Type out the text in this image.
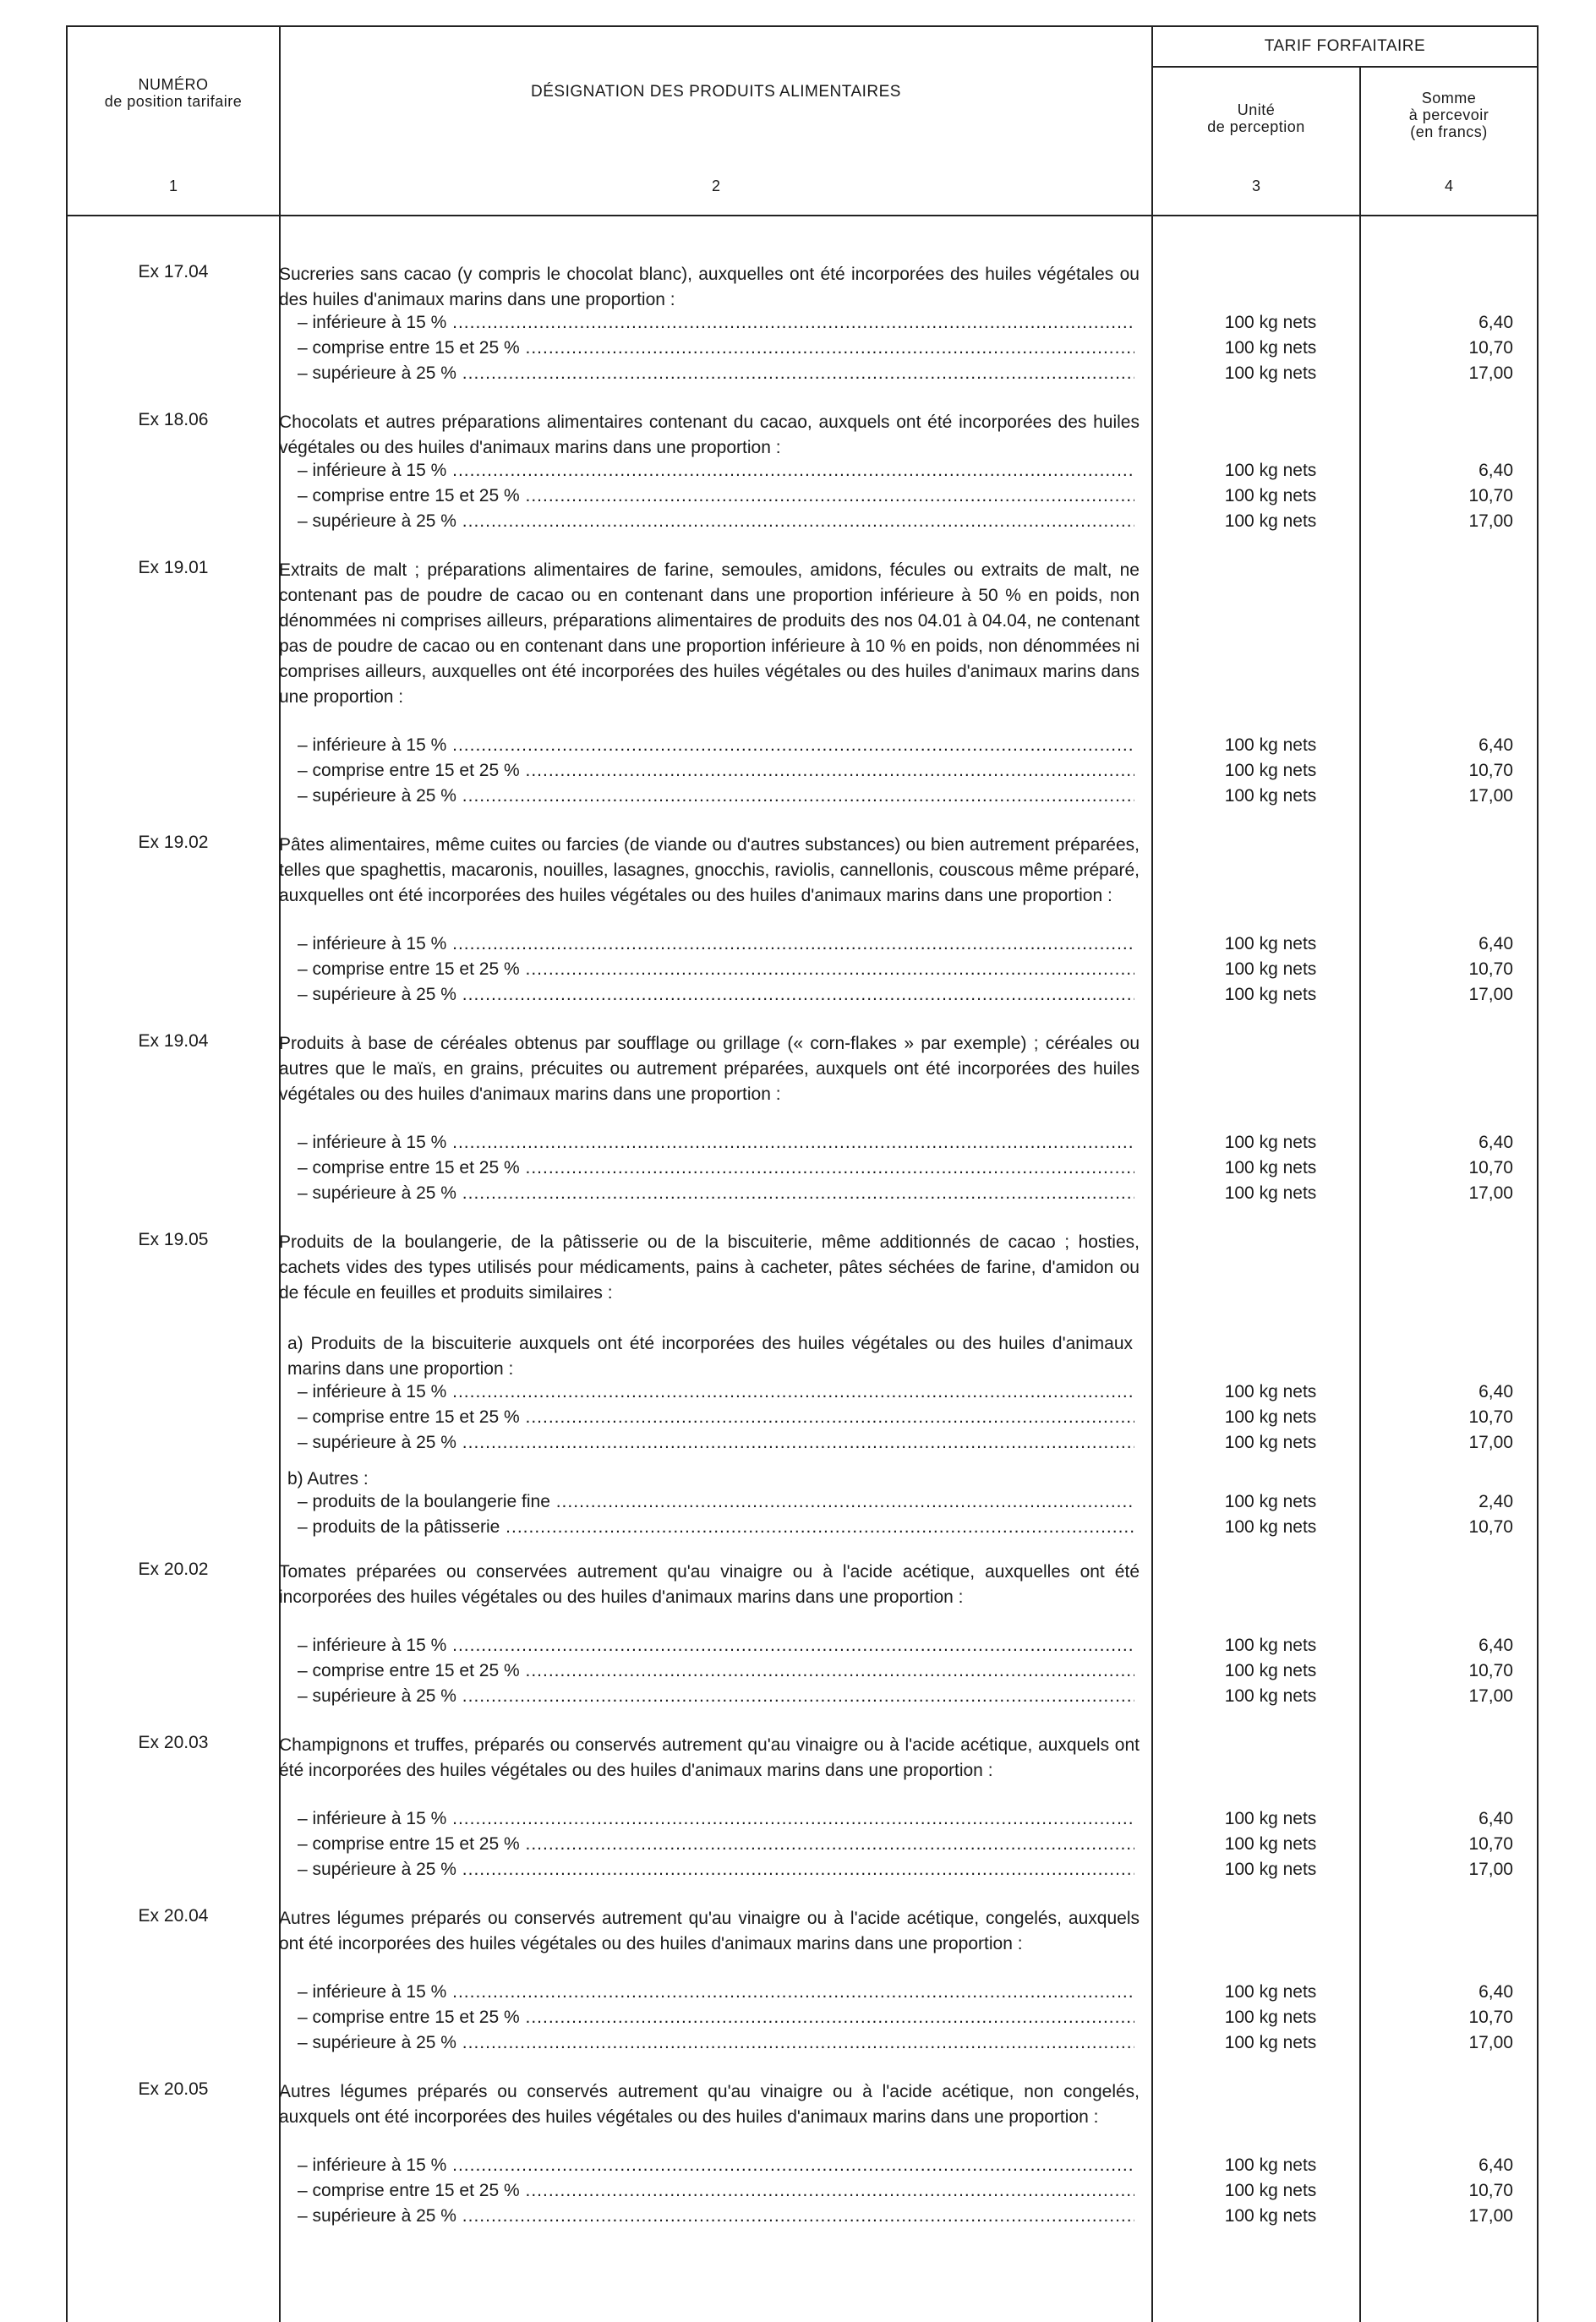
NUMÉRO
de position tarifaire
DÉSIGNATION DES PRODUITS ALIMENTAIRES
TARIF FORFAITAIRE
Unité
de perception
Somme
à percevoir
(en francs)
1	2	3	4
Ex 17.04	Sucreries sans cacao (y compris le chocolat blanc), auxquelles ont été incorporées des huiles végétales ou des huiles d'animaux marins dans une proportion :
– inférieure à 15 % .....	100 kg nets	6,40
– comprise entre 15 et 25 % .....	100 kg nets	10,70
– supérieure à 25 % .....	100 kg nets	17,00
Ex 18.06	Chocolats et autres préparations alimentaires contenant du cacao, auxquels ont été incorporées des huiles végétales ou des huiles d'animaux marins dans une proportion :
– inférieure à 15 % .....	100 kg nets	6,40
– comprise entre 15 et 25 % .....	100 kg nets	10,70
– supérieure à 25 % .....	100 kg nets	17,00
Ex 19.01	Extraits de malt ; préparations alimentaires de farine, semoules, amidons, fécules ou extraits de malt, ne contenant pas de poudre de cacao ou en contenant dans une proportion inférieure à 50 % en poids, non dénommées ni comprises ailleurs, préparations alimentaires de produits des nos 04.01 à 04.04, ne contenant pas de poudre de cacao ou en contenant dans une proportion inférieure à 10 % en poids, non dénommées ni comprises ailleurs, auxquelles ont été incorporées des huiles végétales ou des huiles d'animaux marins dans une proportion :
– inférieure à 15 % .....	100 kg nets	6,40
– comprise entre 15 et 25 % .....	100 kg nets	10,70
– supérieure à 25 % .....	100 kg nets	17,00
Ex 19.02	Pâtes alimentaires, même cuites ou farcies (de viande ou d'autres substances) ou bien autrement préparées, telles que spaghettis, macaronis, nouilles, lasagnes, gnocchis, raviolis, cannellonis, couscous même préparé, auxquelles ont été incorporées des huiles végétales ou des huiles d'animaux marins dans une proportion :
– inférieure à 15 % .....	100 kg nets	6,40
– comprise entre 15 et 25 % .....	100 kg nets	10,70
– supérieure à 25 % .....	100 kg nets	17,00
Ex 19.04	Produits à base de céréales obtenus par soufflage ou grillage (« corn-flakes » par exemple) ; céréales ou autres que le maïs, en grains, précuites ou autrement préparées, auxquels ont été incorporées des huiles végétales ou des huiles d'animaux marins dans une proportion :
– inférieure à 15 % .....	100 kg nets	6,40
– comprise entre 15 et 25 % .....	100 kg nets	10,70
– supérieure à 25 % .....	100 kg nets	17,00
Ex 19.05	Produits de la boulangerie, de la pâtisserie ou de la biscuiterie, même additionnés de cacao ; hosties, cachets vides des types utilisés pour médicaments, pains à cacheter, pâtes séchées de farine, d'amidon ou de fécule en feuilles et produits similaires :
a) Produits de la biscuiterie auxquels ont été incorporées des huiles végétales ou des huiles d'animaux marins dans une proportion :
– inférieure à 15 % .....	100 kg nets	6,40
– comprise entre 15 et 25 % .....	100 kg nets	10,70
– supérieure à 25 % .....	100 kg nets	17,00
b) Autres :
– produits de la boulangerie fine .....	100 kg nets	2,40
– produits de la pâtisserie .....	100 kg nets	10,70
Ex 20.02	Tomates préparées ou conservées autrement qu'au vinaigre ou à l'acide acétique, auxquelles ont été incorporées des huiles végétales ou des huiles d'animaux marins dans une proportion :
– inférieure à 15 % .....	100 kg nets	6,40
– comprise entre 15 et 25 % .....	100 kg nets	10,70
– supérieure à 25 % .....	100 kg nets	17,00
Ex 20.03	Champignons et truffes, préparés ou conservés autrement qu'au vinaigre ou à l'acide acétique, auxquels ont été incorporées des huiles végétales ou des huiles d'animaux marins dans une proportion :
– inférieure à 15 % .....	100 kg nets	6,40
– comprise entre 15 et 25 % .....	100 kg nets	10,70
– supérieure à 25 % .....	100 kg nets	17,00
Ex 20.04	Autres légumes préparés ou conservés autrement qu'au vinaigre ou à l'acide acétique, congelés, auxquels ont été incorporées des huiles végétales ou des huiles d'animaux marins dans une proportion :
– inférieure à 15 % .....	100 kg nets	6,40
– comprise entre 15 et 25 % .....	100 kg nets	10,70
– supérieure à 25 % .....	100 kg nets	17,00
Ex 20.05	Autres légumes préparés ou conservés autrement qu'au vinaigre ou à l'acide acétique, non congelés, auxquels ont été incorporées des huiles végétales ou des huiles d'animaux marins dans une proportion :
– inférieure à 15 % .....	100 kg nets	6,40
– comprise entre 15 et 25 % .....	100 kg nets	10,70
– supérieure à 25 % .....	100 kg nets	17,00
